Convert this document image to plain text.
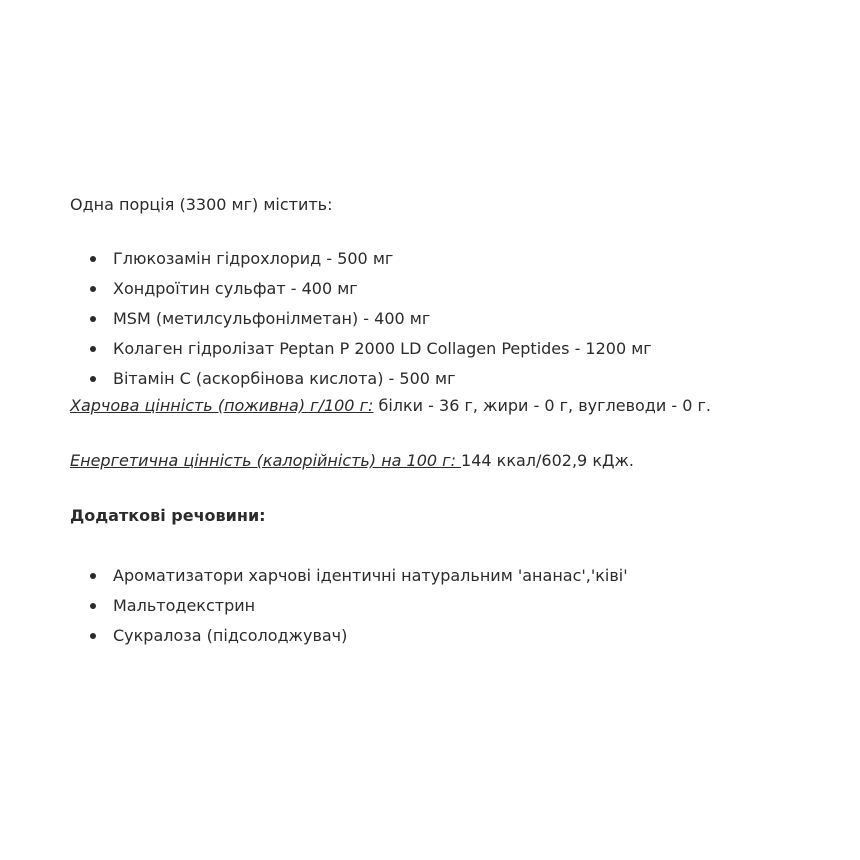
Одна порція (3300 мг) містить:

Глюкозамін гідрохлорид - 500 мг
Хондроїтин сульфат - 400 мг
MSM (метилсульфонілметан) - 400 мг
Колаген гідролізат Peptan P 2000 LD Collagen Peptides - 1200 мг
Вітамін С (аскорбінова кислота) - 500 мг

Харчова цінність (поживна) г/100 г: білки - 36 г, жири - 0 г, вуглеводи - 0 г.

Енергетична цінність (калорійність) на 100 г: 144 ккал/602,9 кДж.

Додаткові речовини:

Ароматизатори харчові ідентичні натуральним 'ананас','ківі'
Мальтодекстрин
Сукралоза (підсолоджувач)
